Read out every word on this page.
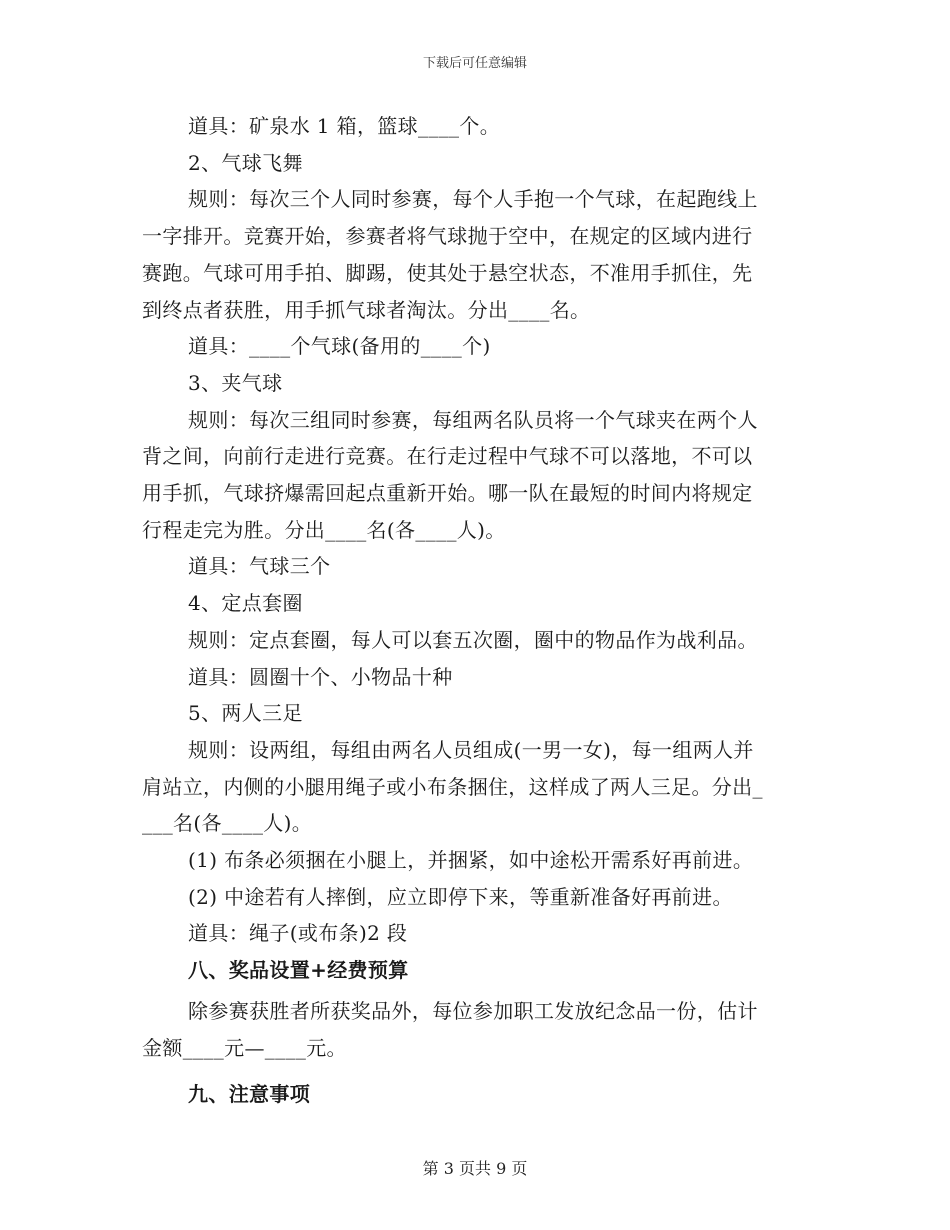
下载后可任意编辑
道具：矿泉水 1 箱，篮球____个。
2、气球飞舞
规则：每次三个人同时参赛，每个人手抱一个气球，在起跑线上
一字排开。竞赛开始，参赛者将气球抛于空中，在规定的区域内进行
赛跑。气球可用手拍、脚踢，使其处于悬空状态，不准用手抓住，先
到终点者获胜，用手抓气球者淘汰。分出____名。
道具：____个气球(备用的____个)
3、夹气球
规则：每次三组同时参赛，每组两名队员将一个气球夹在两个人
背之间，向前行走进行竞赛。在行走过程中气球不可以落地，不可以
用手抓，气球挤爆需回起点重新开始。哪一队在最短的时间内将规定
行程走完为胜。分出____名(各____人)。
道具：气球三个
4、定点套圈
规则：定点套圈，每人可以套五次圈，圈中的物品作为战利品。
道具：圆圈十个、小物品十种
5、两人三足
规则：设两组，每组由两名人员组成(一男一女)，每一组两人并
肩站立，内侧的小腿用绳子或小布条捆住，这样成了两人三足。分出_
___名(各____人)。
(1) 布条必须捆在小腿上，并捆紧，如中途松开需系好再前进。
(2) 中途若有人摔倒，应立即停下来，等重新准备好再前进。
道具：绳子(或布条)2 段
八、奖品设置+经费预算
除参赛获胜者所获奖品外，每位参加职工发放纪念品一份，估计
金额____元—____元。
九、注意事项
第 3 页共 9 页
